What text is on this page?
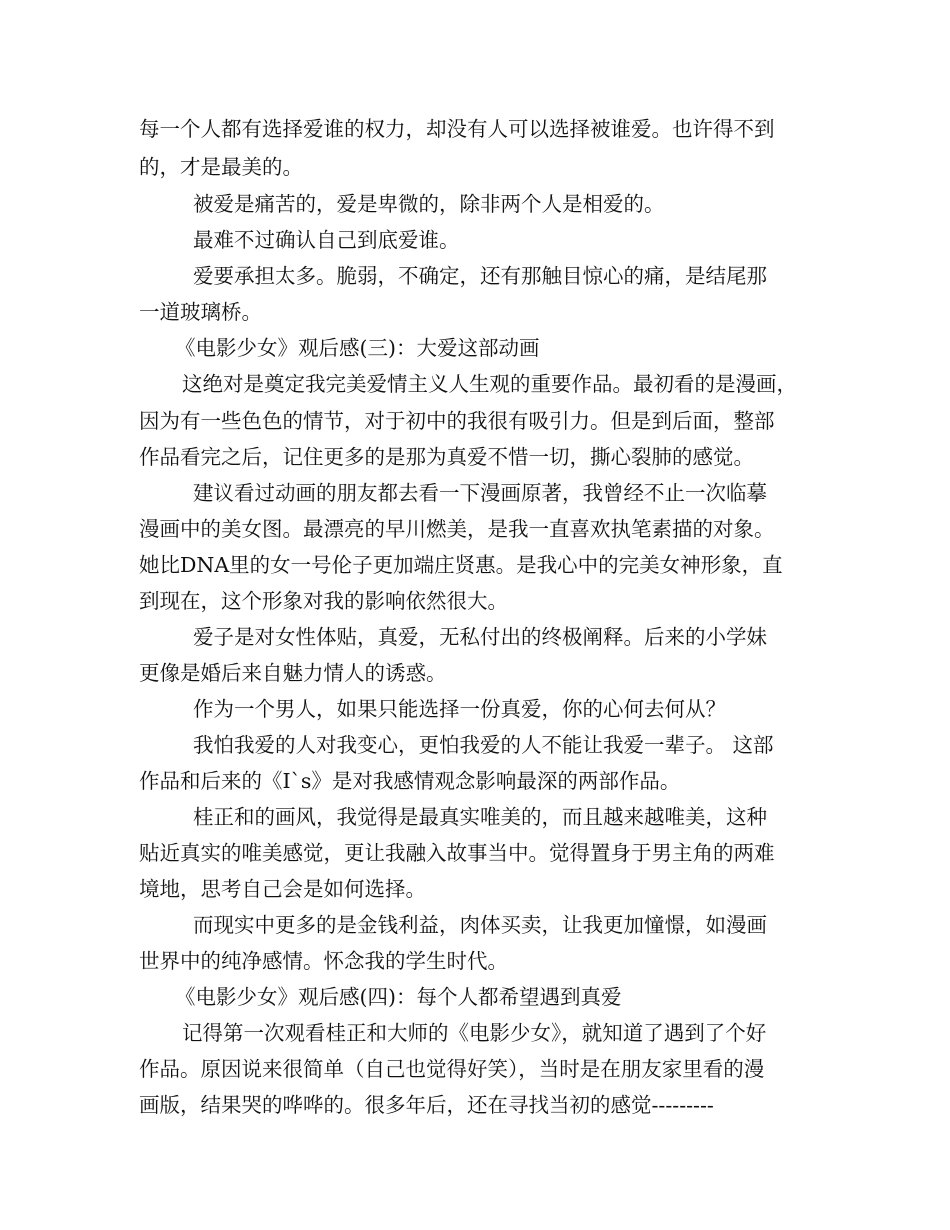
每一个人都有选择爱谁的权力，却没有人可以选择被谁爱。也许得不到
的，才是最美的。
被爱是痛苦的，爱是卑微的，除非两个人是相爱的。
最难不过确认自己到底爱谁。
爱要承担太多。脆弱，不确定，还有那触目惊心的痛，是结尾那
一道玻璃桥。
《电影少女》观后感(三)：大爱这部动画
这绝对是奠定我完美爱情主义人生观的重要作品。最初看的是漫画，
因为有一些色色的情节，对于初中的我很有吸引力。但是到后面，整部
作品看完之后，记住更多的是那为真爱不惜一切，撕心裂肺的感觉。
建议看过动画的朋友都去看一下漫画原著，我曾经不止一次临摹
漫画中的美女图。最漂亮的早川燃美，是我一直喜欢执笔素描的对象。
她比DNA里的女一号伦子更加端庄贤惠。是我心中的完美女神形象，直
到现在，这个形象对我的影响依然很大。
爱子是对女性体贴，真爱，无私付出的终极阐释。后来的小学妹
更像是婚后来自魅力情人的诱惑。
作为一个男人，如果只能选择一份真爱，你的心何去何从？
我怕我爱的人对我变心，更怕我爱的人不能让我爱一辈子。 这部
作品和后来的《I`s》是对我感情观念影响最深的两部作品。
桂正和的画风，我觉得是最真实唯美的，而且越来越唯美，这种
贴近真实的唯美感觉，更让我融入故事当中。觉得置身于男主角的两难
境地，思考自己会是如何选择。
而现实中更多的是金钱利益，肉体买卖，让我更加憧憬，如漫画
世界中的纯净感情。怀念我的学生时代。
《电影少女》观后感(四)：每个人都希望遇到真爱
记得第一次观看桂正和大师的《电影少女》，就知道了遇到了个好
作品。原因说来很简单（自己也觉得好笑），当时是在朋友家里看的漫
画版，结果哭的哗哗的。很多年后，还在寻找当初的感觉---------
